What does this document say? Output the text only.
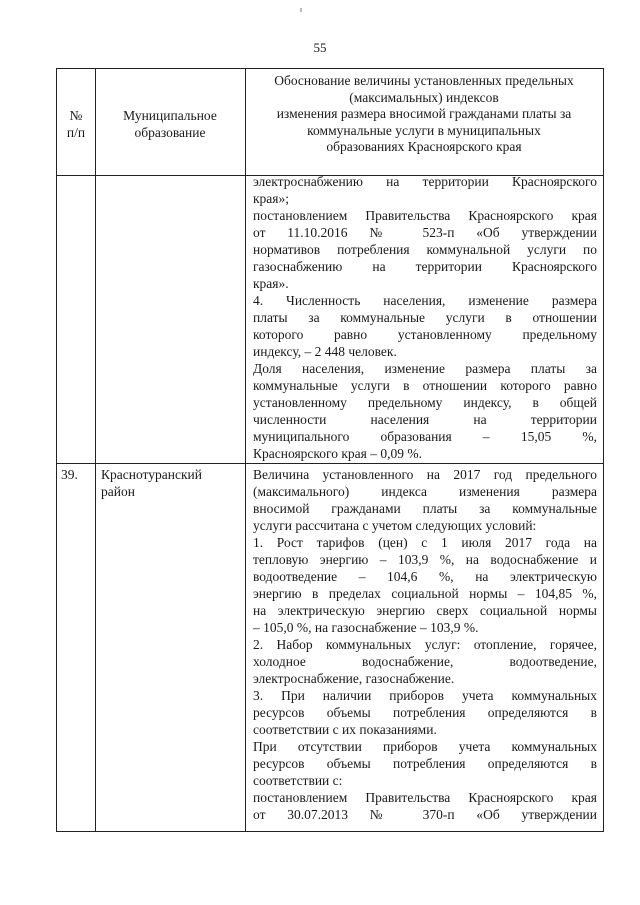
55
№
п/п
Муниципальное
образование
Обоснование величины установленных предельных
(максимальных) индексов
изменения размера вносимой гражданами платы за
коммунальные услуги в муниципальных
образованиях Красноярского края

электроснабжению на территории Красноярского

края»;

постановлением Правительства Красноярского края

от 11.10.2016 № 523-п «Об утверждении

нормативов потребления коммунальной услуги по

газоснабжению на территории Красноярского

края».

4. Численность населения, изменение размера

платы за коммунальные услуги в отношении

которого равно установленному предельному

индексу, – 2 448 человек.

Доля населения, изменение размера платы за

коммунальные услуги в отношении которого равно

установленному предельному индексу, в общей

численности населения на территории

муниципального образования – 15,05 %,

Красноярского края – 0,09 %.

39.	Краснотуранский
район

Величина установленного на 2017 год предельного

(максимального) индекса изменения размера

вносимой гражданами платы за коммунальные

услуги рассчитана с учетом следующих условий:

1. Рост тарифов (цен) с 1 июля 2017 года на

тепловую энергию – 103,9 %, на водоснабжение и

водоотведение – 104,6 %, на электрическую

энергию в пределах социальной нормы – 104,85 %,

на электрическую энергию сверх социальной нормы

– 105,0 %, на газоснабжение – 103,9 %.

2. Набор коммунальных услуг: отопление, горячее,

холодное водоснабжение, водоотведение,

электроснабжение, газоснабжение.

3. При наличии приборов учета коммунальных

ресурсов объемы потребления определяются в

соответствии с их показаниями.

При отсутствии приборов учета коммунальных

ресурсов объемы потребления определяются в

соответствии с:

постановлением Правительства Красноярского края

от 30.07.2013 № 370-п «Об утверждении
